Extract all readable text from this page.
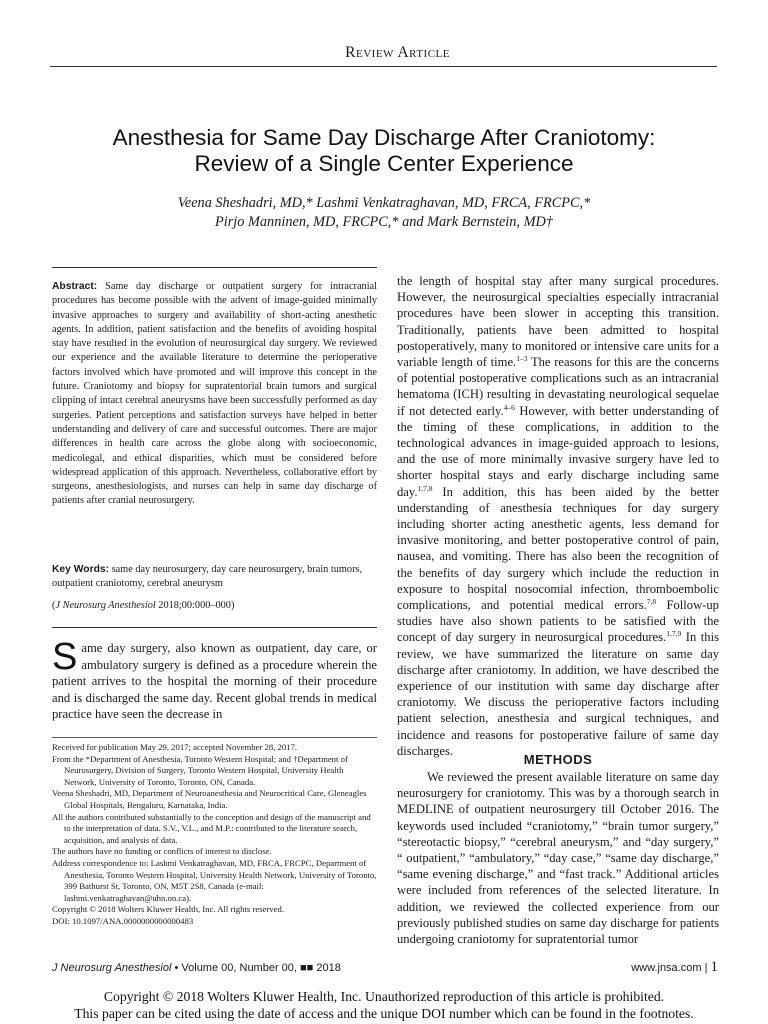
Review Article
Anesthesia for Same Day Discharge After Craniotomy:
Review of a Single Center Experience
Veena Sheshadri, MD,* Lashmi Venkatraghavan, MD, FRCA, FRCPC,*
Pirjo Manninen, MD, FRCPC,* and Mark Bernstein, MD†
Abstract: Same day discharge or outpatient surgery for intracranial procedures has become possible with the advent of image-guided minimally invasive approaches to surgery and availability of short-acting anesthetic agents. In addition, patient satisfaction and the benefits of avoiding hospital stay have resulted in the evolution of neurosurgical day surgery. We reviewed our experience and the available literature to determine the perioperative factors involved which have promoted and will improve this concept in the future. Craniotomy and biopsy for supratentorial brain tumors and surgical clipping of intact cerebral aneurysms have been successfully performed as day surgeries. Patient perceptions and satisfaction surveys have helped in better understanding and delivery of care and successful outcomes. There are major differences in health care across the globe along with socioeconomic, medicolegal, and ethical disparities, which must be considered before widespread application of this approach. Nevertheless, collaborative effort by surgeons, anesthesiologists, and nurses can help in same day discharge of patients after cranial neurosurgery.
Key Words: same day neurosurgery, day care neurosurgery, brain tumors, outpatient craniotomy, cerebral aneurysm
(J Neurosurg Anesthesiol 2018;00:000–000)
Same day surgery, also known as outpatient, day care, or ambulatory surgery is defined as a procedure wherein the patient arrives to the hospital the morning of their procedure and is discharged the same day. Recent global trends in medical practice have seen the decrease in

Received for publication May 29, 2017; accepted November 28, 2017.

From the *Department of Anesthesia, Toronto Western Hospital; and †Department of Neurosurgery, Division of Surgery, Toronto Western Hospital, University Health Network, University of Toronto, Toronto, ON, Canada.

Veena Sheshadri, MD, Department of Neuroanesthesia and Neurocritical Care, Gleneagles Global Hospitals, Bengaluru, Karnataka, India.

All the authors contributed substantially to the conception and design of the manuscript and to the interpretation of data. S.V., V.L., and M.P.: contributed to the literature search, acquisition, and analysis of data.

The authors have no funding or conflicts of interest to disclose.

Address correspondence to: Lashmi Venkatraghavan, MD, FRCA, FRCPC, Department of Anesthesia, Toronto Western Hospital, University Health Network, University of Toronto, 399 Bathurst St, Toronto, ON, M5T 2S8, Canada (e-mail: lashmi.venkatraghavan@uhn.on.ca).

Copyright © 2018 Wolters Kluwer Health, Inc. All rights reserved.

DOI: 10.1097/ANA.0000000000000483

the length of hospital stay after many surgical procedures. However, the neurosurgical specialties especially intracranial procedures have been slower in accepting this transition. Traditionally, patients have been admitted to hospital postoperatively, many to monitored or intensive care units for a variable length of time.$^{1-3}$ The reasons for this are the concerns of potential postoperative complications such as an intracranial hematoma (ICH) resulting in devastating neurological sequelae if not detected early.$^{4-6}$ However, with better understanding of the timing of these complications, in addition to the technological advances in image-guided approach to lesions, and the use of more minimally invasive surgery have led to shorter hospital stays and early discharge including same day.$^{1,7,8}$ In addition, this has been aided by the better understanding of anesthesia techniques for day surgery including shorter acting anesthetic agents, less demand for invasive monitoring, and better postoperative control of pain, nausea, and vomiting. There has also been the recognition of the benefits of day surgery which include the reduction in exposure to hospital nosocomial infection, thromboembolic complications, and potential medical errors.$^{7,8}$ Follow-up studies have also shown patients to be satisfied with the concept of day surgery in neurosurgical procedures.$^{1,7,9}$ In this review, we have summarized the literature on same day discharge after craniotomy. In addition, we have described the experience of our institution with same day discharge after craniotomy. We discuss the perioperative factors including patient selection, anesthesia and surgical techniques, and incidence and reasons for postoperative failure of same day discharges.
METHODS
We reviewed the present available literature on same day neurosurgery for craniotomy. This was by a thorough search in MEDLINE of outpatient neurosurgery till October 2016. The keywords used included “craniotomy,” “brain tumor surgery,” “stereotactic biopsy,” “cerebral aneurysm,” and “day surgery,” “ outpatient,” “ambulatory,” “day case,” “same day discharge,” “same evening discharge,” and “fast track.” Additional articles were included from references of the selected literature. In addition, we reviewed the collected experience from our previously published studies on same day discharge for patients undergoing craniotomy for supratentorial tumor
J Neurosurg Anesthesiol • Volume 00, Number 00, ■■ 2018	www.jnsa.com | 1
Copyright © 2018 Wolters Kluwer Health, Inc. Unauthorized reproduction of this article is prohibited.
This paper can be cited using the date of access and the unique DOI number which can be found in the footnotes.
